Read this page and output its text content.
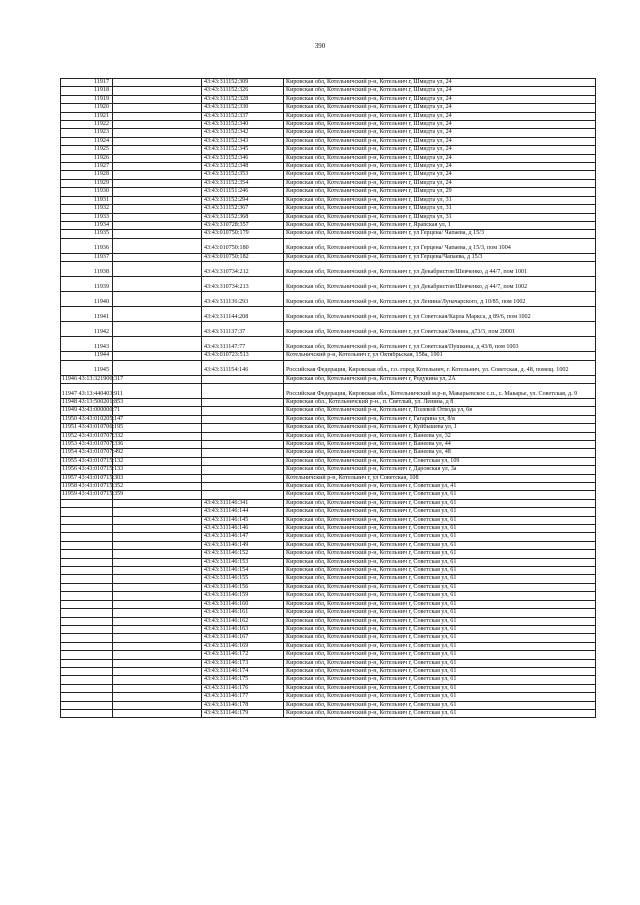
390
11917		43:43:311152:309	Кировская обл, Котельничский р-н, Котельнич г, Шмидта ул, 24
11918		43:43:311152:326	Кировская обл, Котельничский р-н, Котельнич г, Шмидта ул, 24
11919		43:43:311152:328	Кировская обл, Котельничский р-н, Котельнич г, Шмидта ул, 24
11920		43:43:311152:330	Кировская обл, Котельничский р-н, Котельнич г, Шмидта ул, 24
11921		43:43:311152:337	Кировская обл, Котельничский р-н, Котельнич г, Шмидта ул, 24
11922		43:43:311152:340	Кировская обл, Котельничский р-н, Котельнич г, Шмидта ул, 24
11923		43:43:311152:342	Кировская обл, Котельничский р-н, Котельнич г, Шмидта ул, 24
11924		43:43:311152:343	Кировская обл, Котельничский р-н, Котельнич г, Шмидта ул, 24
11925		43:43:311152:345	Кировская обл, Котельничский р-н, Котельнич г, Шмидта ул, 24
11926		43:43:311152:346	Кировская обл, Котельничский р-н, Котельнич г, Шмидта ул, 24
11927		43:43:311152:348	Кировская обл, Котельничский р-н, Котельнич г, Шмидта ул, 24
11928		43:43:311152:353	Кировская обл, Котельничский р-н, Котельнич г, Шмидта ул, 24
11929		43:43:311152:354	Кировская обл, Котельничский р-н, Котельнич г, Шмидта ул, 24
11930		43:43:011151:246	Кировская обл, Котельничский р-н, Котельнич г, Шмидта ул, 29
11931		43:43:311152:294	Кировская обл, Котельничский р-н, Котельнич г, Шмидта ул, 31
11932		43:43:311152:367	Кировская обл, Котельничский р-н, Котельнич г, Шмидта ул, 31
11933		43:43:311152:368	Кировская обл, Котельничский р-н, Котельнич г, Шмидта ул, 31
11934		43:43:310728:357	Кировская обл, Котельничский р-н, Котельнич г, Ярanская ул, 1
11935		43:43:010750:179	Кировская обл, Котельничский р-н, Котельнич г, ул Герцена/ Чапаева, д 15/3
11936		43:43:010750:180	Кировская обл, Котельничский р-н, Котельнич г, ул Герцена/ Чапаева, д 15/3, пом 1004
11937		43:43:010750:182	Кировская обл, Котельничский р-н, Котельнич г, ул Герцена/Чапаева, д 15/3
11938		43:43:310734:212	Кировская обл, Котельничский р-н, Котельнич г, ул Декабристов/Шевченко, д 44/7, пом 1001
11939		43:43:310734:213	Кировская обл, Котельничский р-н, Котельнич г, ул Декабристов/Шевченко, д 44/7, пом 1002
11940		43:43:311136:293	Кировская обл, Котельничский р-н, Котельнич г, ул Ленина/Луначарского, д 10/85, пом 1002
11941		43:43:311144:208	Кировская обл, Котельничский р-н, Котельнич г, ул Советская/Карла Маркса, д 89/6, пом 1002
11942		43:43:311137:37	Кировская обл, Котельничский р-н, Котельнич г, ул Советская/Ленина, д73/3, пом 20001
11943		43:43:311147:77	Кировская обл, Котельничский р-н, Котельнич г, ул Советская/Пушкина, д 43/8, пом 1003
11944		43:43:010723:513	Котельничский р-н, Котельнич г, ул Октябрьская, 158а, 1001
11945		43:43:311154:146	Российская Федерация, Кировская обл., г.о. город Котельнич, г. Котельнич, ул. Советская, д. 48, помещ. 1002
11946 43:13:321906:317			Кировская обл, Котельничский р-н, Котельнич г, Родукина ул, 2А
11947 43:13:440403:911			Российская Федерация, Кировская обл., Котельничский м.р-н, Макарьевское с.п., с. Макарье, ул. Советская, д. 9
11948 43:13:500201:853			Кировская обл., Котельничский р-н., п. Светлый, ул. Ленина, д 8
11949 43:43:000000:71			Кировская обл, Котельничский р-н, Котельнич г, Полевой Отвода ул, 6в
11950 43:43:010205:147			Кировская обл, Котельничский р-н, Котельнич г, Гагарина ул, 8/в
11951 43:43:010706:195			Кировская обл, Котельничский р-н, Котельнич г, Куйбышева ул, 1
11952 43:43:010707:332			Кировская обл, Котельничский р-н, Котельнич г, Ванеева ул, 32
11953 43:43:010707:336			Кировская обл, Котельничский р-н, Котельнич г, Ванеева ул, 44
11954 43:43:010707:492			Кировская обл, Котельничский р-н, Котельнич г, Ванеева ул, 48
11955 43:43:010715:132			Кировская обл, Котельничский р-н, Котельнич г, Советская ул, 109
11956 43:43:010715:133			Кировская обл, Котельничский р-н, Котельнич г, Даровская ул, 3а
11957 43:43:010715:303			Котельничский р-н, Котельнич г, ул Советская, 108
11958 43:43:010715:352			Кировская обл, Котельничский р-н, Котельнич г, Советская ул, 41
11959 43:43:010715:359			Кировская обл, Котельничский р-н, Котельнич г, Советская ул, 61
		43:43:311146:341	Кировская обл, Котельничский р-н, Котельнич г, Советская ул, 61
		43:43:311146:144	Кировская обл, Котельничский р-н, Котельнич г, Советская ул, 61
		43:43:311146:145	Кировская обл, Котельничский р-н, Котельнич г, Советская ул, 61
		43:43:311146:146	Кировская обл, Котельничский р-н, Котельнич г, Советская ул, 61
		43:43:311146:147	Кировская обл, Котельничский р-н, Котельнич г, Советская ул, 61
		43:43:311146:149	Кировская обл, Котельничский р-н, Котельнич г, Советская ул, 61
		43:43:311146:152	Кировская обл, Котельничский р-н, Котельнич г, Советская ул, 61
		43:43:311146:153	Кировская обл, Котельничский р-н, Котельнич г, Советская ул, 61
		43:43:311146:154	Кировская обл, Котельничский р-н, Котельнич г, Советская ул, 61
		43:43:311146:155	Кировская обл, Котельничский р-н, Котельнич г, Советская ул, 61
		43:43:311146:156	Кировская обл, Котельничский р-н, Котельнич г, Советская ул, 61
		43:43:311146:159	Кировская обл, Котельничский р-н, Котельнич г, Советская ул, 61
		43:43:311146:160	Кировская обл, Котельничский р-н, Котельнич г, Советская ул, 61
		43:43:311146:161	Кировская обл, Котельничский р-н, Котельнич г, Советская ул, 61
		43:43:311146:162	Кировская обл, Котельничский р-н, Котельнич г, Советская ул, 61
		43:43:311146:163	Кировская обл, Котельничский р-н, Котельнич г, Советская ул, 61
		43:43:311146:167	Кировская обл, Котельничский р-н, Котельнич г, Советская ул, 61
		43:43:311146:169	Кировская обл, Котельничский р-н, Котельнич г, Советская ул, 61
		43:43:311146:172	Кировская обл, Котельничский р-н, Котельнич г, Советская ул, 61
		43:43:311146:173	Кировская обл, Котельничский р-н, Котельнич г, Советская ул, 61
		43:43:311146:174	Кировская обл, Котельничский р-н, Котельнич г, Советская ул, 61
		43:43:311146:175	Кировская обл, Котельничский р-н, Котельнич г, Советская ул, 61
		43:43:311146:176	Кировская обл, Котельничский р-н, Котельнич г, Советская ул, 61
		43:43:311146:177	Кировская обл, Котельничский р-н, Котельнич г, Советская ул, 61
		43:43:311146:178	Кировская обл, Котельничский р-н, Котельнич г, Советская ул, 61
		43:43:311146:179	Кировская обл, Котельничский р-н, Котельнич г, Советская ул, 61
